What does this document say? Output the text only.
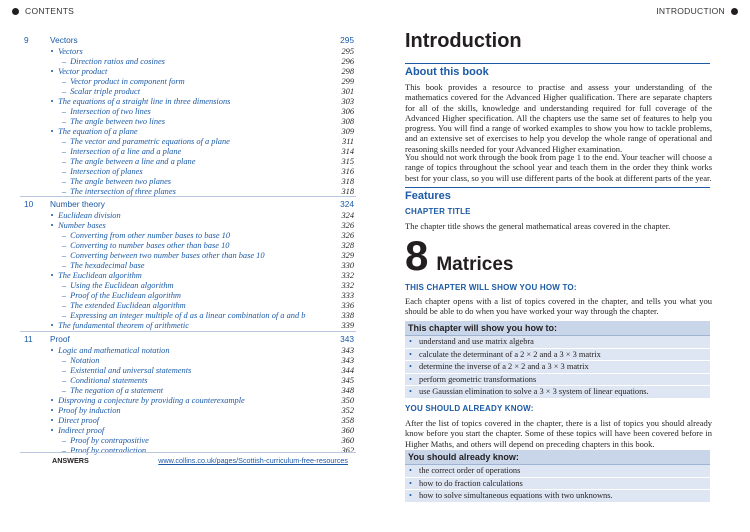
CONTENTS	INTRODUCTION
9	Vectors	295
• Vectors	295
– Direction ratios and cosines	296
• Vector product	298
– Vector product in component form	299
– Scalar triple product	301
• The equations of a straight line in three dimensions	303
– Intersection of two lines	306
– The angle between two lines	308
• The equation of a plane	309
– The vector and parametric equations of a plane	311
– Intersection of a line and a plane	314
– The angle between a line and a plane	315
– Intersection of planes	316
– The angle between two planes	318
– The intersection of three planes	318
10	Number theory	324
• Euclidean division	324
• Number bases	326
– Converting from other number bases to base 10	326
– Converting to number bases other than base 10	328
– Converting between two number bases other than base 10	329
– The hexadecimal base	330
• The Euclidean algorithm	332
– Using the Euclidean algorithm	332
– Proof of the Euclidean algorithm	333
– The extended Euclidean algorithm	336
– Expressing an integer multiple of d as a linear combination of a and b	338
• The fundamental theorem of arithmetic	339
11	Proof	343
• Logic and mathematical notation	343
– Notation	343
– Existential and universal statements	344
– Conditional statements	345
– The negation of a statement	348
• Disproving a conjecture by providing a counterexample	350
• Proof by induction	352
• Direct proof	358
• Indirect proof	360
– Proof by contrapositive	360
– Proof by contradiction	362
ANSWERS	www.collins.co.uk/pages/Scottish-curriculum-free-resources
Introduction
About this book
This book provides a resource to practise and assess your understanding of the mathematics covered for the Advanced Higher qualification. There are separate chapters for all of the skills, knowledge and understanding required for full coverage of the Advanced Higher specification. All the chapters use the same set of features to help you progress. You will find a range of worked examples to show you how to tackle problems, and an extensive set of exercises to help you develop the whole range of operational and reasoning skills needed for your Advanced Higher examination.
You should not work through the book from page 1 to the end. Your teacher will choose a range of topics throughout the school year and teach them in the order they think works best for your class, so you will use different parts of the book at different parts of the year.
Features
CHAPTER TITLE
The chapter title shows the general mathematical areas covered in the chapter.
8 Matrices
THIS CHAPTER WILL SHOW YOU HOW TO:
Each chapter opens with a list of topics covered in the chapter, and tells you what you should be able to do when you have worked your way through the chapter.
This chapter will show you how to:
• understand and use matrix algebra
• calculate the determinant of a 2 × 2 and a 3 × 3 matrix
• determine the inverse of a 2 × 2 and a 3 × 3 matrix
• perform geometric transformations
• use Gaussian elimination to solve a 3 × 3 system of linear equations.
YOU SHOULD ALREADY KNOW:
After the list of topics covered in the chapter, there is a list of topics you should already know before you start the chapter. Some of these topics will have been covered before in Higher Maths, and others will depend on preceding chapters in this book.
You should already know:
• the correct order of operations
• how to do fraction calculations
• how to solve simultaneous equations with two unknowns.
